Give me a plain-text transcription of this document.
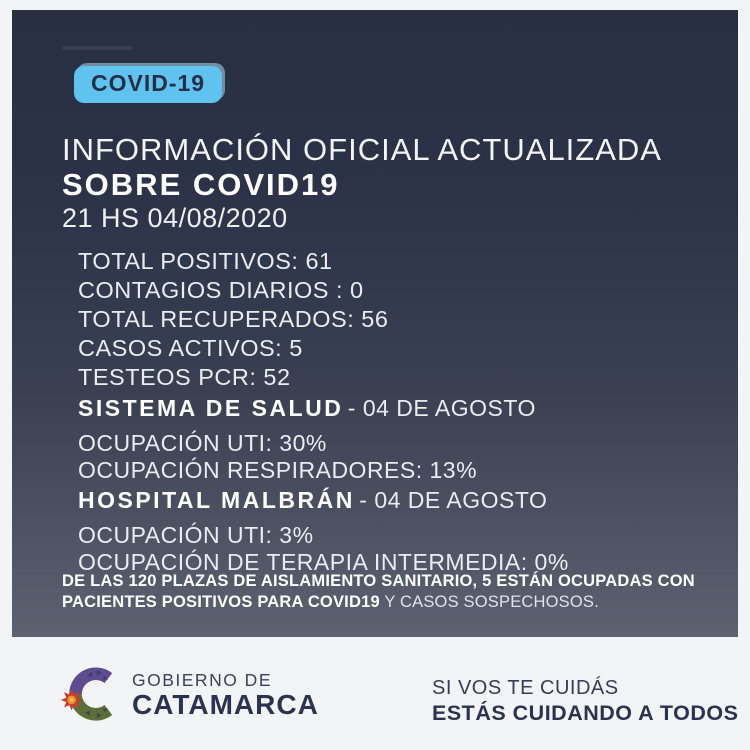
COVID-19
INFORMACIÓN OFICIAL ACTUALIZADA
SOBRE COVID19
21 HS 04/08/2020
TOTAL POSITIVOS: 61
CONTAGIOS DIARIOS : 0
TOTAL RECUPERADOS: 56
CASOS ACTIVOS: 5
TESTEOS PCR: 52
SISTEMA DE SALUD - 04 DE AGOSTO
OCUPACIÓN UTI: 30%
OCUPACIÓN RESPIRADORES: 13%
HOSPITAL MALBRÁN - 04 DE AGOSTO
OCUPACIÓN UTI: 3%
OCUPACIÓN DE TERAPIA INTERMEDIA: 0%
DE LAS 120 PLAZAS DE AISLAMIENTO SANITARIO, 5 ESTÁN OCUPADAS CON PACIENTES POSITIVOS PARA COVID19 Y CASOS SOSPECHOSOS.
GOBIERNO DE
CATAMARCA
SI VOS TE CUIDÁS
ESTÁS CUIDANDO A TODOS
